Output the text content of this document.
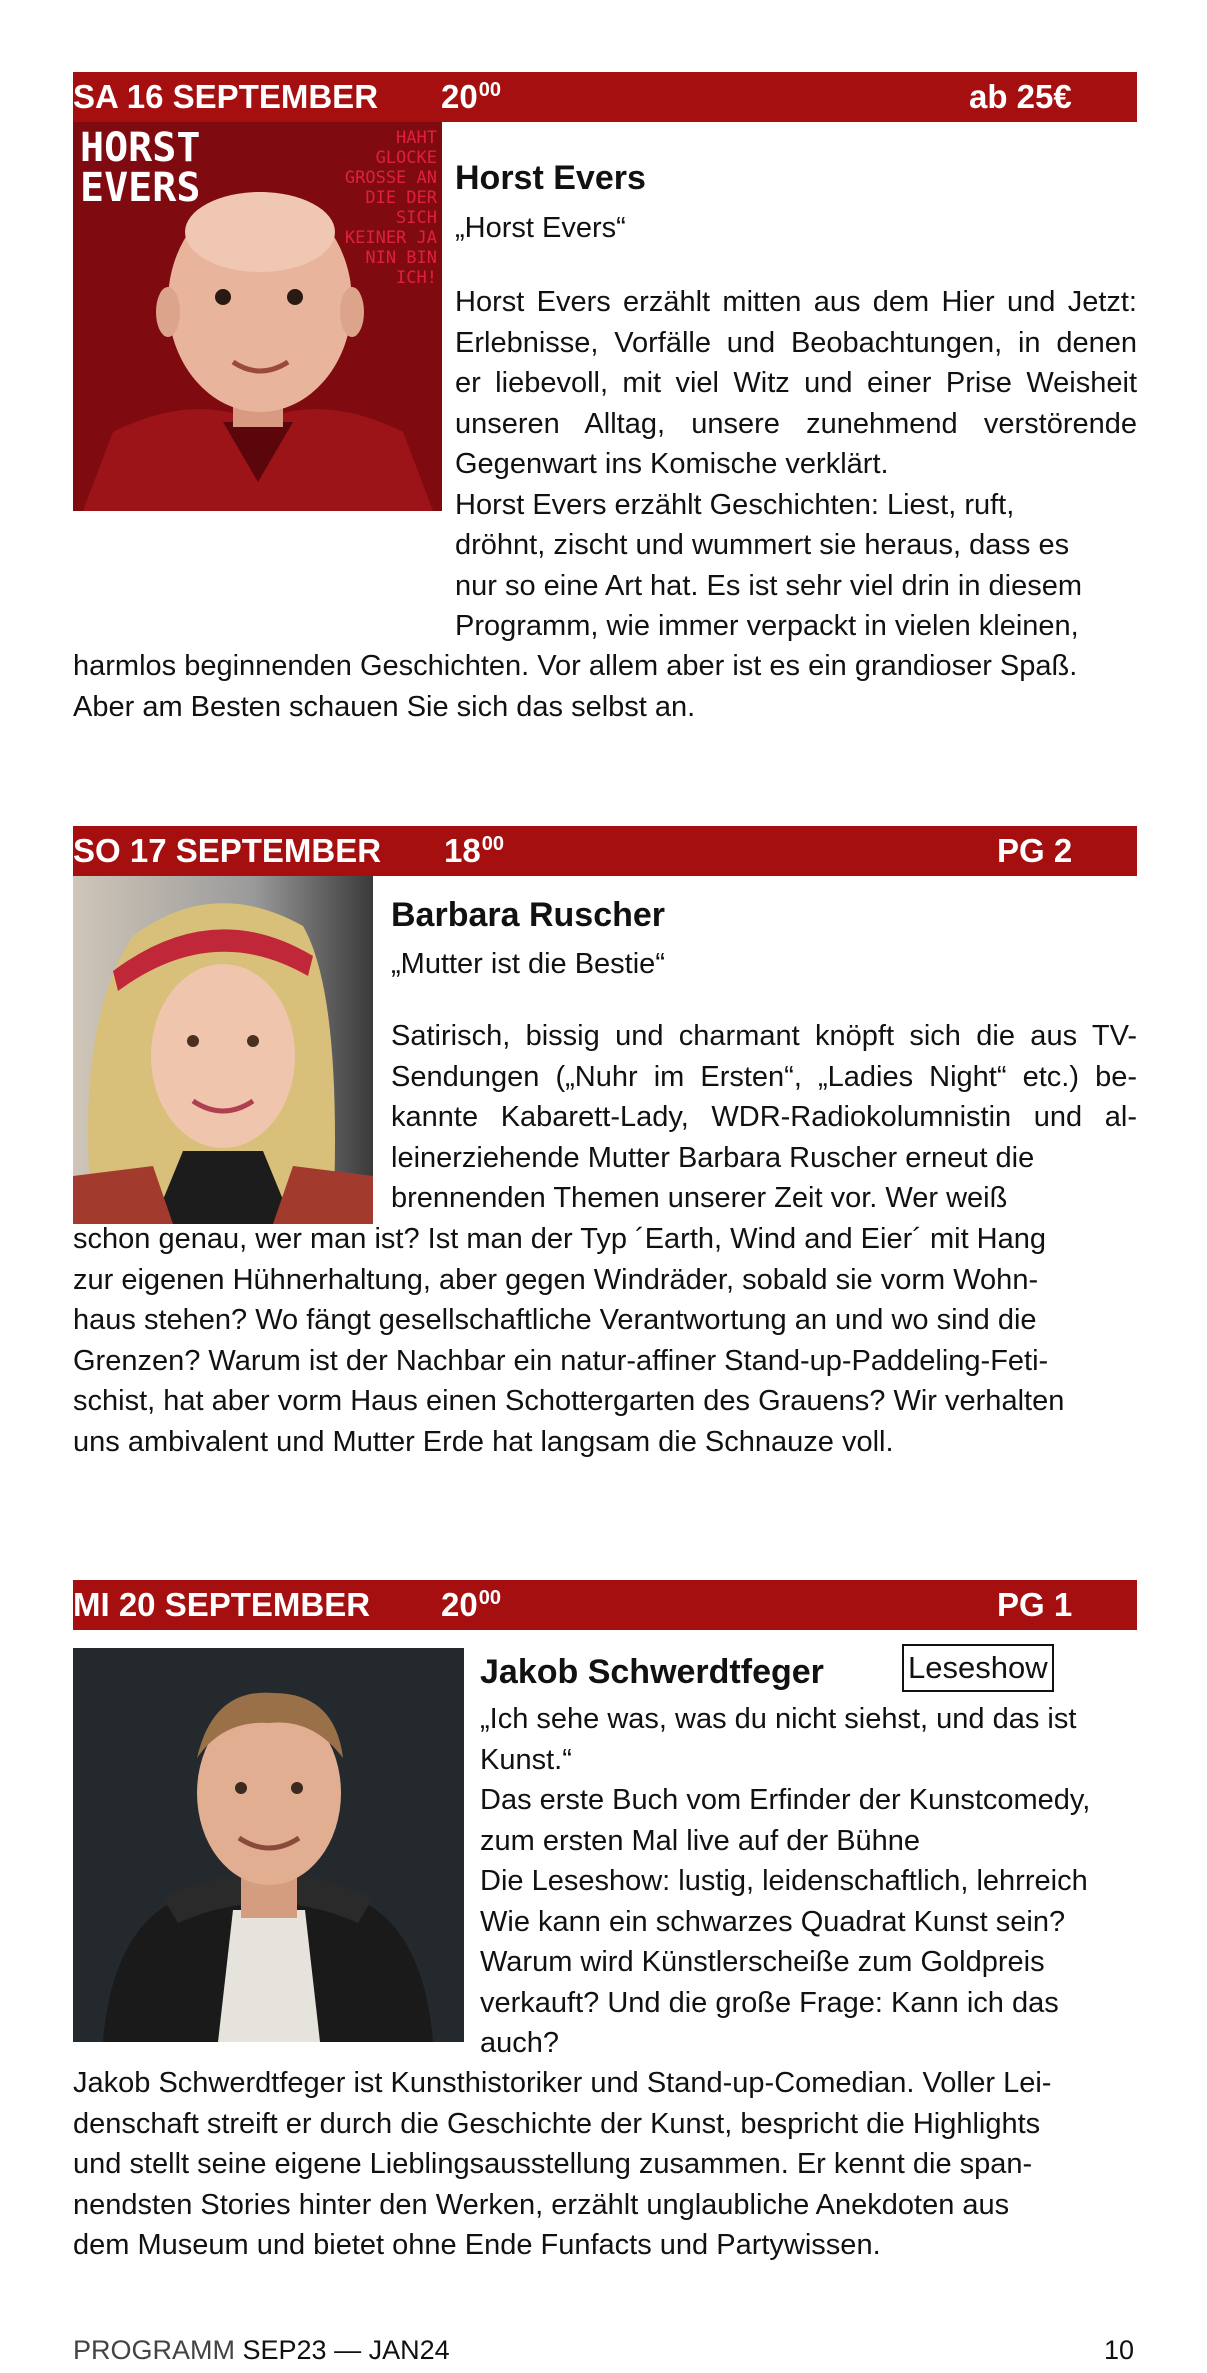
SA 16 SEPTEMBER $20^{00}$	ab 25€
HORST
EVERS
HAHT GLOCKE GROSSE AN DIE DER SICH KEINER JA NIN BIN ICH!
Horst Evers
„Horst Evers“
Horst Evers erzählt mitten aus dem Hier und Jetzt:
Erlebnisse, Vorfälle und Beobachtungen, in denen
er liebevoll, mit viel Witz und einer Prise Weisheit
unseren Alltag, unsere zunehmend verstörende
Gegenwart ins Komische verklärt.
Horst Evers erzählt Geschichten: Liest, ruft,
dröhnt, zischt und wummert sie heraus, dass es
nur so eine Art hat. Es ist sehr viel drin in diesem
Programm, wie immer verpackt in vielen kleinen,
harmlos beginnenden Geschichten. Vor allem aber ist es ein grandioser Spaß.
Aber am Besten schauen Sie sich das selbst an.
SO 17 SEPTEMBER $18^{00}$	PG 2
Barbara Ruscher
„Mutter ist die Bestie“
Satirisch, bissig und charmant knöpft sich die aus TV-
Sendungen („Nuhr im Ersten“, „Ladies Night“ etc.) be-
kannte Kabarett-Lady, WDR-Radiokolumnistin und al-
leinerziehende Mutter Barbara Ruscher erneut die
brennenden Themen unserer Zeit vor. Wer weiß
schon genau, wer man ist? Ist man der Typ ´Earth, Wind and Eier´ mit Hang
zur eigenen Hühnerhaltung, aber gegen Windräder, sobald sie vorm Wohn-
haus stehen? Wo fängt gesellschaftliche Verantwortung an und wo sind die
Grenzen? Warum ist der Nachbar ein natur-affiner Stand-up-Paddeling-Feti-
schist, hat aber vorm Haus einen Schottergarten des Grauens? Wir verhalten
uns ambivalent und Mutter Erde hat langsam die Schnauze voll.
MI 20 SEPTEMBER $20^{00}$	PG 1
Jakob Schwerdtfeger	Leseshow
„Ich sehe was, was du nicht siehst, und das ist
Kunst.“
Das erste Buch vom Erfinder der Kunstcomedy,
zum ersten Mal live auf der Bühne
Die Leseshow: lustig, leidenschaftlich, lehrreich
Wie kann ein schwarzes Quadrat Kunst sein?
Warum wird Künstlerscheiße zum Goldpreis
verkauft? Und die große Frage: Kann ich das
auch?
Jakob Schwerdtfeger ist Kunsthistoriker und Stand-up-Comedian. Voller Lei-
denschaft streift er durch die Geschichte der Kunst, bespricht die Highlights
und stellt seine eigene Lieblingsausstellung zusammen. Er kennt die span-
nendsten Stories hinter den Werken, erzählt unglaubliche Anekdoten aus
dem Museum und bietet ohne Ende Funfacts und Partywissen.
PROGRAMM SEP23 — JAN24	10
